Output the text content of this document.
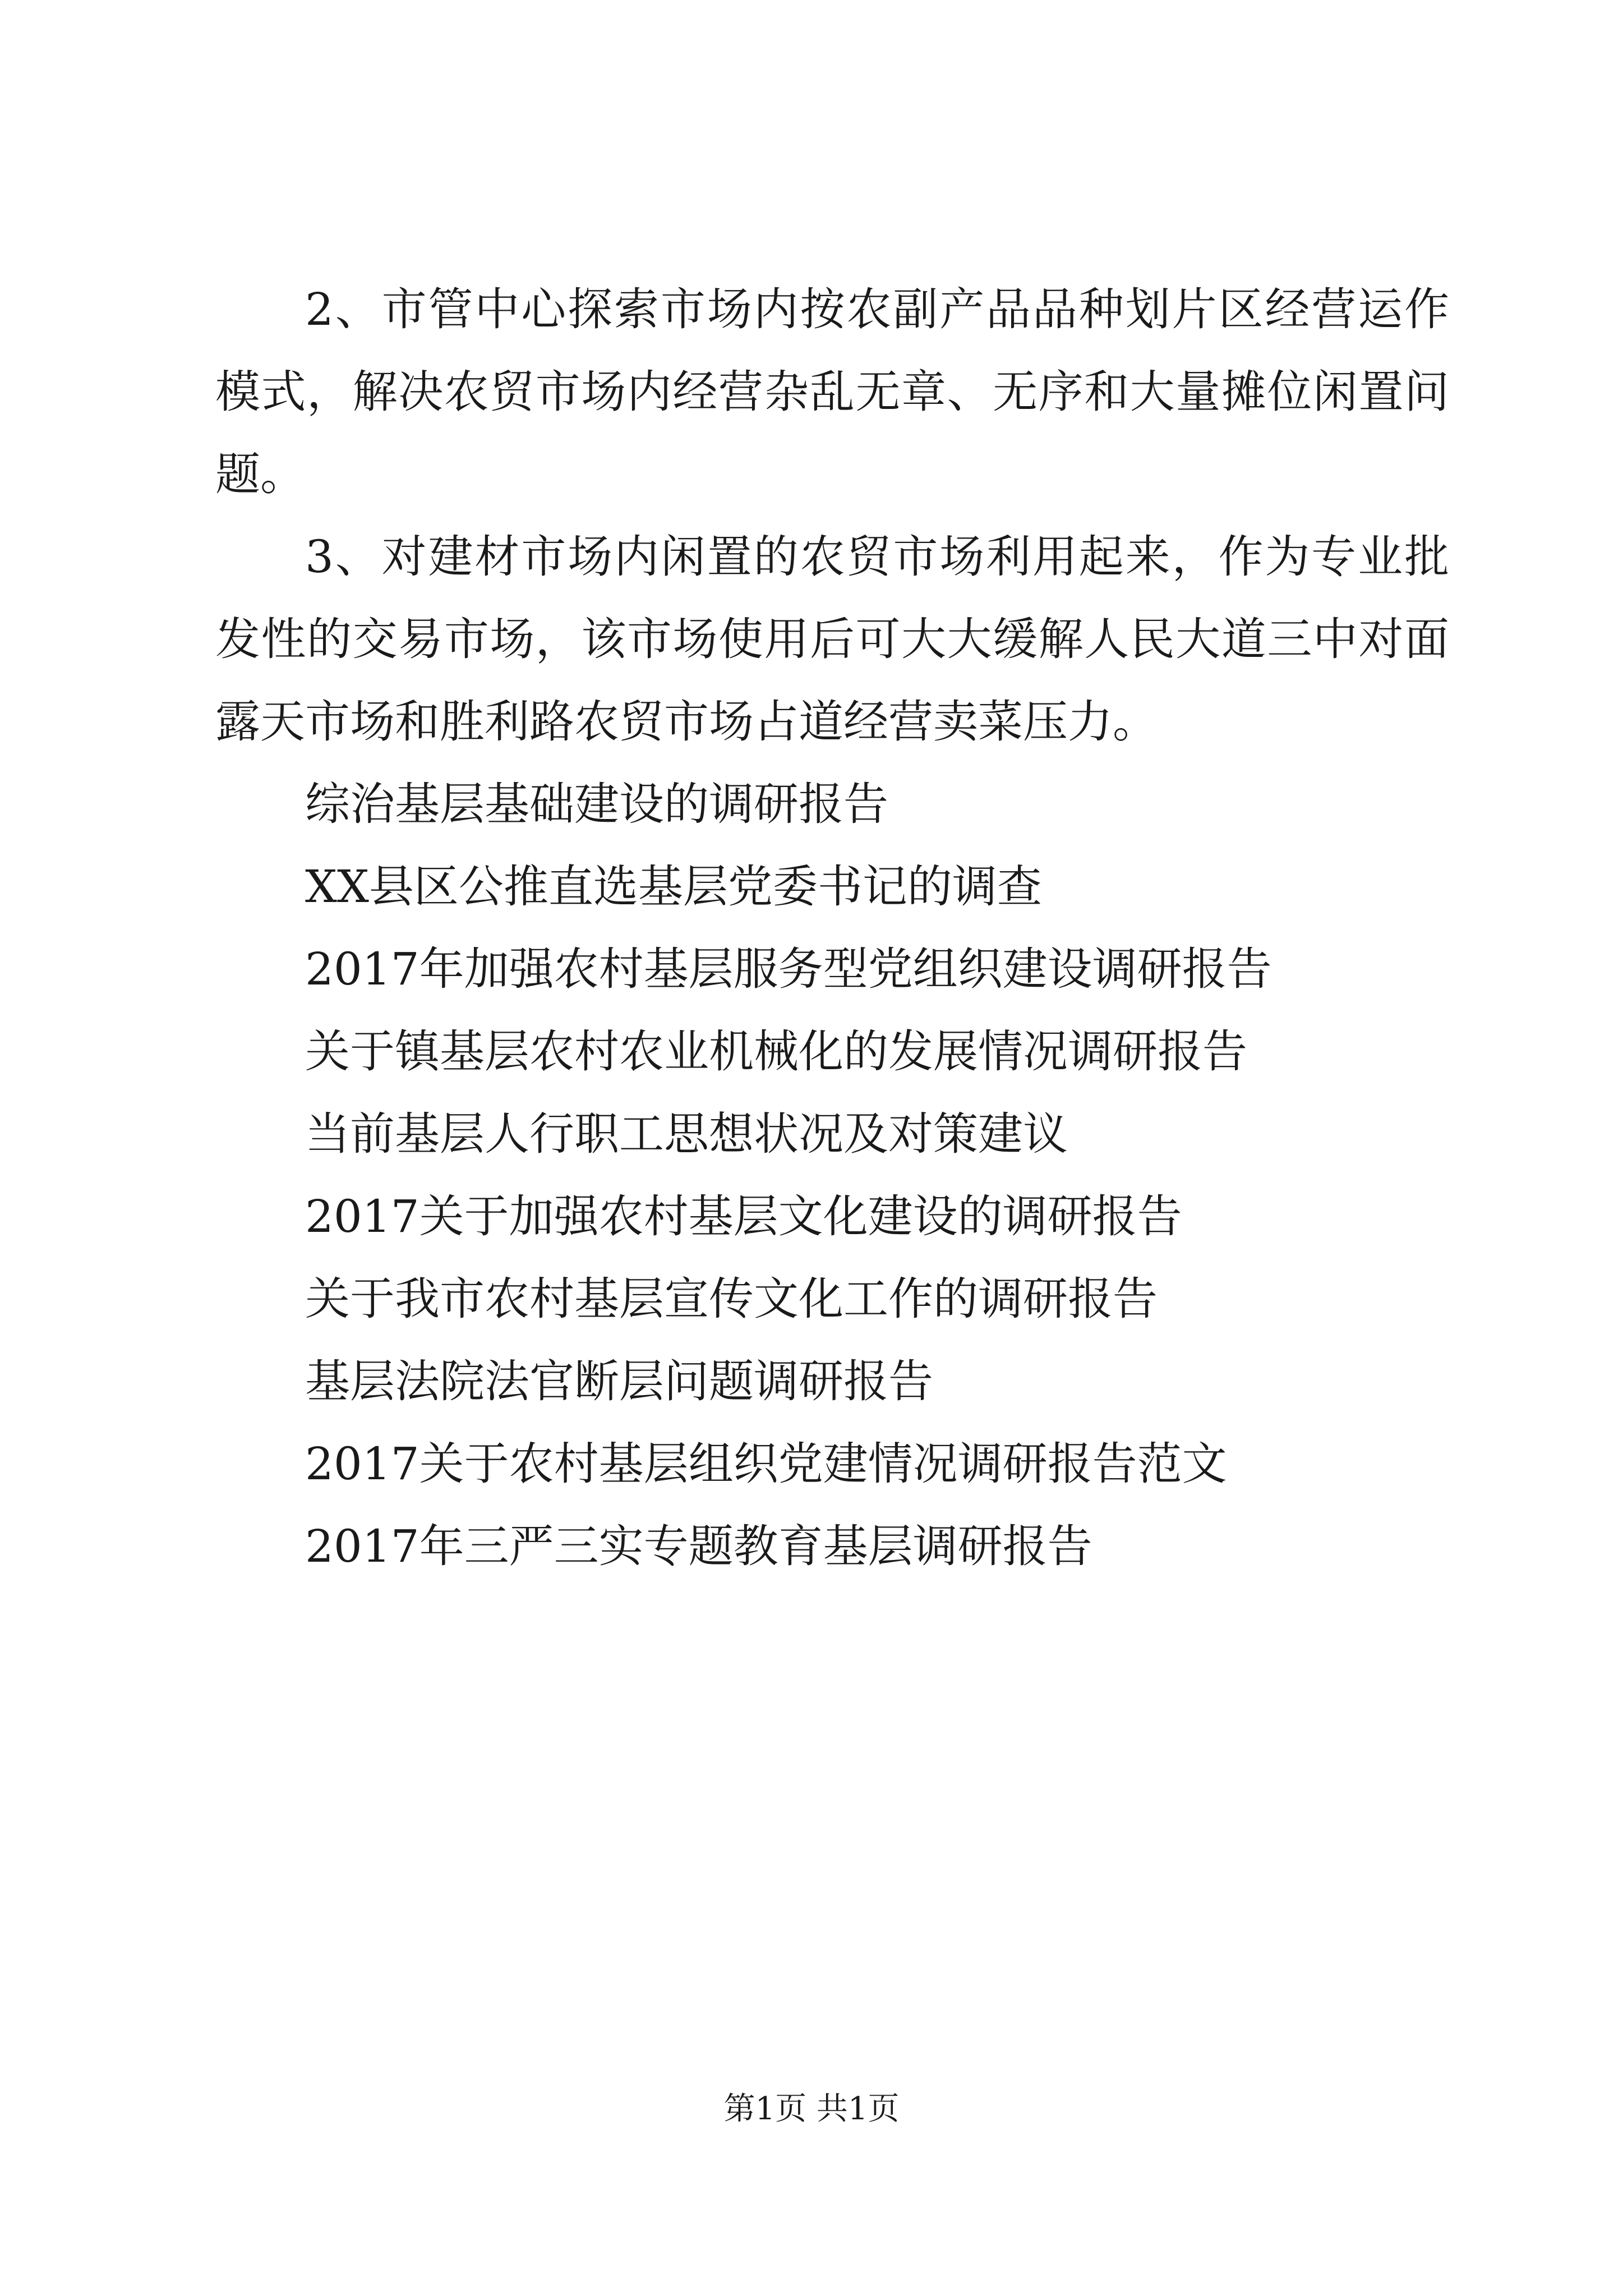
2、市管中心探索市场内按农副产品品种划片区经营运作模式，解决农贸市场内经营杂乱无章、无序和大量摊位闲置问题。

3、对建材市场内闲置的农贸市场利用起来，作为专业批发性的交易市场，该市场使用后可大大缓解人民大道三中对面露天市场和胜利路农贸市场占道经营卖菜压力。

综治基层基础建设的调研报告
XX县区公推直选基层党委书记的调查
2017年加强农村基层服务型党组织建设调研报告
关于镇基层农村农业机械化的发展情况调研报告
当前基层人行职工思想状况及对策建议
2017关于加强农村基层文化建设的调研报告
关于我市农村基层宣传文化工作的调研报告
基层法院法官断层问题调研报告
2017关于农村基层组织党建情况调研报告范文
2017年三严三实专题教育基层调研报告
第1页 共1页
